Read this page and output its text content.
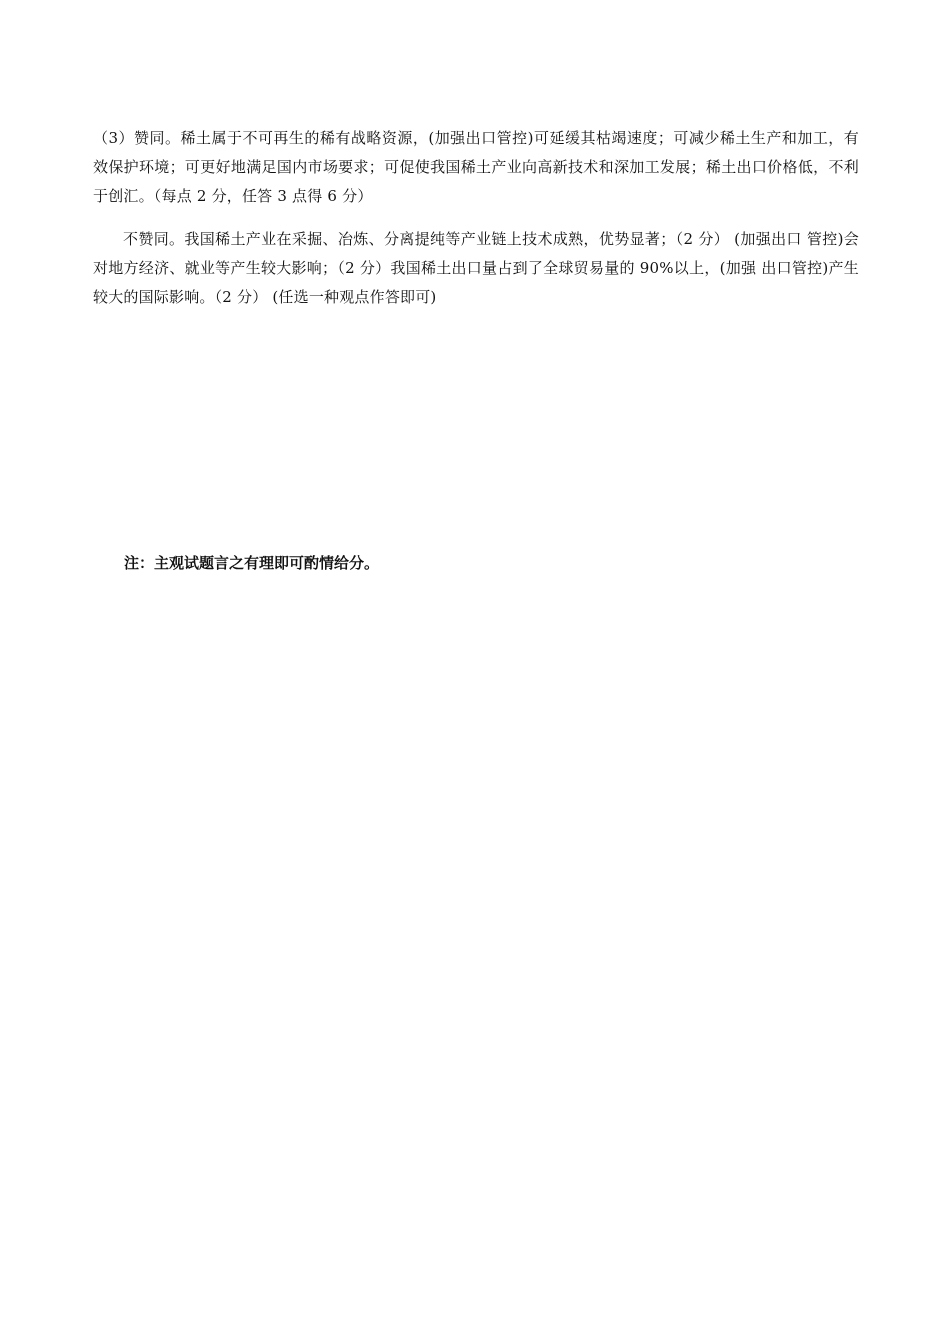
（3）赞同。稀土属于不可再生的稀有战略资源，(加强出口管控)可延缓其枯竭速度；可减少稀土生产和加工，有效保护环境；可更好地满足国内市场要求；可促使我国稀土产业向高新技术和深加工发展；稀土出口价格低，不利于创汇。（每点 2 分，任答 3 点得 6 分）

不赞同。我国稀土产业在采掘、冶炼、分离提纯等产业链上技术成熟，优势显著；（2 分） (加强出口 管控)会对地方经济、就业等产生较大影响；（2 分）我国稀土出口量占到了全球贸易量的 90%以上，(加强 出口管控)产生较大的国际影响。（2 分） (任选一种观点作答即可)

注：主观试题言之有理即可酌情给分。
